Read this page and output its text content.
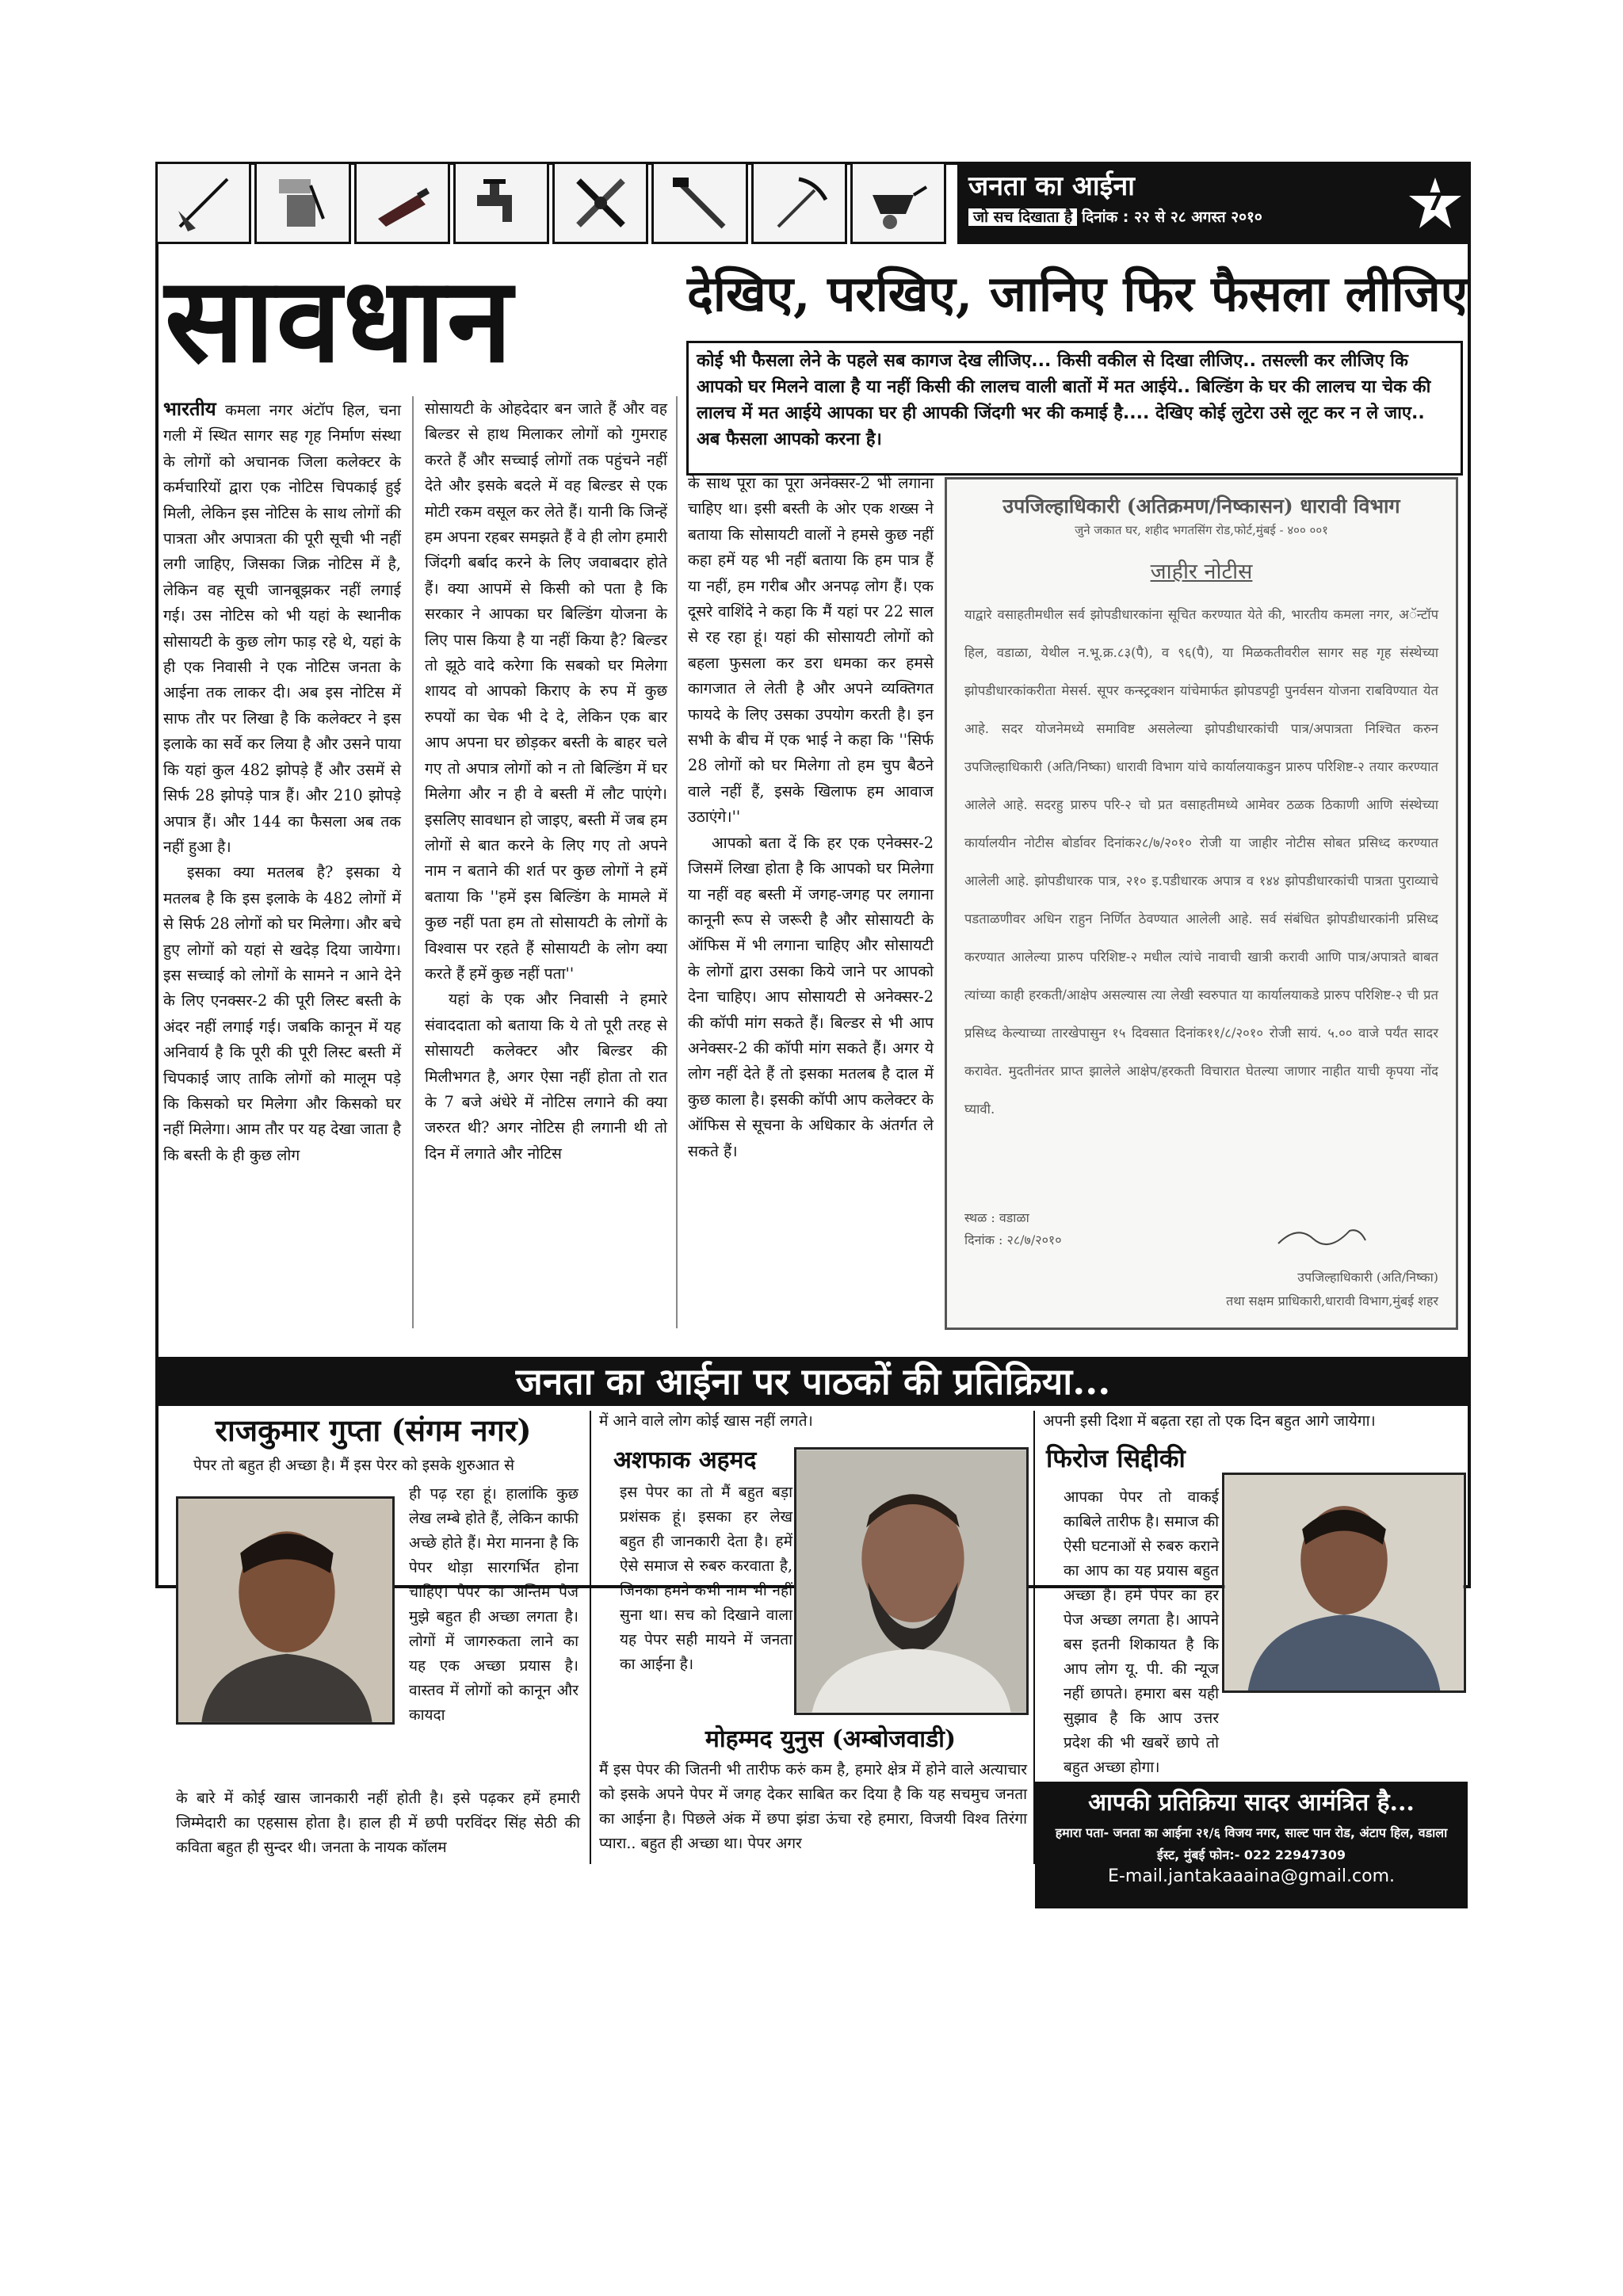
जनता का आईना
जो सच दिखाता है दिनांक : २२ से २८ अगस्त २०१०
7
सावधान	देखिए, परखिए, जानिए फिर फैसला लीजिए
कोई भी फैसला लेने के पहले सब कागज देख लीजिए... किसी वकील से दिखा लीजिए.. तसल्ली कर लीजिए कि आपको घर मिलने वाला है या नहीं किसी की लालच वाली बातों में मत आईये.. बिल्डिंग के घर की लालच या चेक की लालच में मत आईये आपका घर ही आपकी जिंदगी भर की कमाई है.... देखिए कोई लुटेरा उसे लूट कर न ले जाए.. अब फैसला आपको करना है।

भारतीय कमला नगर अंटॉप हिल, चना गली में स्थित सागर सह गृह निर्माण संस्था के लोगों को अचानक जिला कलेक्टर के कर्मचारियों द्वारा एक नोटिस चिपकाई हुई मिली, लेकिन इस नोटिस के साथ लोगों की पात्रता और अपात्रता की पूरी सूची भी नहीं लगी जाहिए, जिसका जिक्र नोटिस में है, लेकिन वह सूची जानबूझकर नहीं लगाई गई। उस नोटिस को भी यहां के स्थानीक सोसायटी के कुछ लोग फाड़ रहे थे, यहां के ही एक निवासी ने एक नोटिस जनता के आईना तक लाकर दी। अब इस नोटिस में साफ तौर पर लिखा है कि कलेक्टर ने इस इलाके का सर्वे कर लिया है और उसने पाया कि यहां कुल 482 झोपड़े हैं और उसमें से सिर्फ 28 झोपड़े पात्र हैं। और 210 झोपड़े अपात्र हैं। और 144 का फैसला अब तक नहीं हुआ है।

इसका क्या मतलब है? इसका ये मतलब है कि इस इलाके के 482 लोगों में से सिर्फ 28 लोगों को घर मिलेगा। और बचे हुए लोगों को यहां से खदेड़ दिया जायेगा। इस सच्चाई को लोगों के सामने न आने देने के लिए एनक्सर-2 की पूरी लिस्ट बस्ती के अंदर नहीं लगाई गई। जबकि कानून में यह अनिवार्य है कि पूरी की पूरी लिस्ट बस्ती में चिपकाई जाए ताकि लोगों को मालूम पड़े कि किसको घर मिलेगा और किसको घर नहीं मिलेगा। आम तौर पर यह देखा जाता है कि बस्ती के ही कुछ लोग

सोसायटी के ओहदेदार बन जाते हैं और वह बिल्डर से हाथ मिलाकर लोगों को गुमराह करते हैं और सच्चाई लोगों तक पहुंचने नहीं देते और इसके बदले में वह बिल्डर से एक मोटी रकम वसूल कर लेते हैं। यानी कि जिन्हें हम अपना रहबर समझते हैं वे ही लोग हमारी जिंदगी बर्बाद करने के लिए जवाबदार होते हैं। क्या आपमें से किसी को पता है कि सरकार ने आपका घर बिल्डिंग योजना के लिए पास किया है या नहीं किया है? बिल्डर तो झूठे वादे करेगा कि सबको घर मिलेगा शायद वो आपको किराए के रुप में कुछ रुपयों का चेक भी दे दे, लेकिन एक बार आप अपना घर छोड़कर बस्ती के बाहर चले गए तो अपात्र लोगों को न तो बिल्डिंग में घर मिलेगा और न ही वे बस्ती में लौट पाएंगे। इसलिए सावधान हो जाइए, बस्ती में जब हम लोगों से बात करने के लिए गए तो अपने नाम न बताने की शर्त पर कुछ लोगों ने हमें बताया कि ''हमें इस बिल्डिंग के मामले में कुछ नहीं पता हम तो सोसायटी के लोगों के विश्वास पर रहते हैं सोसायटी के लोग क्या करते हैं हमें कुछ नहीं पता''

यहां के एक और निवासी ने हमारे संवाददाता को बताया कि ये तो पूरी तरह से सोसायटी कलेक्टर और बिल्डर की मिलीभगत है, अगर ऐसा नहीं होता तो रात के 7 बजे अंधेरे में नोटिस लगाने की क्या जरुरत थी? अगर नोटिस ही लगानी थी तो दिन में लगाते और नोटिस

के साथ पूरा का पूरा अनेक्सर-2 भी लगाना चाहिए था। इसी बस्ती के ओर एक शख्स ने बताया कि सोसायटी वालों ने हमसे कुछ नहीं कहा हमें यह भी नहीं बताया कि हम पात्र हैं या नहीं, हम गरीब और अनपढ़ लोग हैं। एक दूसरे वाशिंदे ने कहा कि मैं यहां पर 22 साल से रह रहा हूं। यहां की सोसायटी लोगों को बहला फुसला कर डरा धमका कर हमसे कागजात ले लेती है और अपने व्यक्तिगत फायदे के लिए उसका उपयोग करती है। इन सभी के बीच में एक भाई ने कहा कि ''सिर्फ 28 लोगों को घर मिलेगा तो हम चुप बैठने वाले नहीं हैं, इसके खिलाफ हम आवाज उठाएंगे।''

आपको बता दें कि हर एक एनेक्सर-2 जिसमें लिखा होता है कि आपको घर मिलेगा या नहीं वह बस्ती में जगह-जगह पर लगाना कानूनी रूप से जरूरी है और सोसायटी के ऑफिस में भी लगाना चाहिए और सोसायटी के लोगों द्वारा उसका किये जाने पर आपको देना चाहिए। आप सोसायटी से अनेक्सर-2 की कॉपी मांग सकते हैं। बिल्डर से भी आप अनेक्सर-2 की कॉपी मांग सकते हैं। अगर ये लोग नहीं देते हैं तो इसका मतलब है दाल में कुछ काला है। इसकी कॉपी आप कलेक्टर के ऑफिस से सूचना के अधिकार के अंतर्गत ले सकते हैं।

उपजिल्हाधिकारी (अतिक्रमण/निष्कासन) धारावी विभाग
जुने जकात घर, शहीद भगतसिंग रोड,फोर्ट,मुंबई - ४०० ००१
जाहीर नोटीस
याद्वारे वसाहतीमधील सर्व झोपडीधारकांना सूचित करण्यात येते की, भारतीय कमला नगर, अॅन्टॉप हिल, वडाळा, येथील न.भू.क्र.८३(पै), व ९६(पै), या मिळकतीवरील सागर सह गृह संस्थेच्या झोपडीधारकांकरीता मेसर्स. सूपर कन्स्ट्रक्शन यांचेमार्फत झोपडपट्टी पुनर्वसन योजना राबविण्यात येत आहे. सदर योजनेमध्ये समाविष्ट असलेल्या झोपडीधारकांची पात्र/अपात्रता निश्चित करुन उपजिल्हाधिकारी (अति/निष्का) धारावी विभाग यांचे कार्यालयाकडुन प्रारुप परिशिष्ट-२ तयार करण्यात आलेले आहे. सदरहु प्रारुप परि-२ चो प्रत वसाहतीमध्ये आमेवर ठळक ठिकाणी आणि संस्थेच्या कार्यालयीन नोटीस बोर्डावर दिनांक२८/७/२०१० रोजी या जाहीर नोटीस सोबत प्रसिध्द करण्यात आलेली आहे. झोपडीधारक पात्र, २१० इ.पडीधारक अपात्र व १४४ झोपडीधारकांची पात्रता पुराव्याचे पडताळणीवर अधिन राहुन निर्णित ठेवण्यात आलेली आहे. सर्व संबंधित झोपडीधारकांनी प्रसिध्द करण्यात आलेल्या प्रारुप परिशिष्ट-२ मधील त्यांचे नावाची खात्री करावी आणि पात्र/अपात्रते बाबत त्यांच्या काही हरकती/आक्षेप असल्यास त्या लेखी स्वरुपात या कार्यालयाकडे प्रारुप परिशिष्ट-२ ची प्रत प्रसिध्द केल्याच्या तारखेपासुन १५ दिवसात दिनांक११/८/२०१० रोजी सायं. ५.०० वाजे पर्यंत सादर करावेत. मुदतीनंतर प्राप्त झालेले आक्षेप/हरकती विचारात घेतल्या जाणार नाहीत याची कृपया नोंद घ्यावी.
स्थळ : वडाळा
दिनांक : २८/७/२०१०
उपजिल्हाधिकारी (अति/निष्का)
तथा सक्षम प्राधिकारी,धारावी विभाग,मुंबई शहर
जनता का आईना पर पाठकों की प्रतिक्रिया...
राजकुमार गुप्ता (संगम नगर)
पेपर तो बहुत ही अच्छा है। मैं इस पेरर को इसके शुरुआत से
ही पढ़ रहा हूं। हालांकि कुछ लेख लम्बे होते हैं, लेकिन काफी अच्छे होते हैं। मेरा मानना है कि पेपर थोड़ा सारगर्भित होना चाहिए। पेपर का अन्तिम पेज मुझे बहुत ही अच्छा लगता है। लोगों में जागरुकता लाने का यह एक अच्छा प्रयास है। वास्तव में लोगों को कानून और कायदा
के बारे में कोई खास जानकारी नहीं होती है। इसे पढ़कर हमें हमारी जिम्मेदारी का एहसास होता है। हाल ही में छपी परविंदर सिंह सेठी की कविता बहुत ही सुन्दर थी। जनता के नायक कॉलम
में आने वाले लोग कोई खास नहीं लगते।
अशफाक अहमद
इस पेपर का तो मैं बहुत बड़ा प्रशंसक हूं। इसका हर लेख बहुत ही जानकारी देता है। हमें ऐसे समाज से रुबरु करवाता है, जिनका हमने कभी नाम भी नहीं सुना था। सच को दिखाने वाला यह पेपर सही मायने में जनता का आईना है।
मोहम्मद युनुस (अम्बोजवाडी)
मैं इस पेपर की जितनी भी तारीफ करुं कम है, हमारे क्षेत्र में होने वाले अत्याचार को इसके अपने पेपर में जगह देकर साबित कर दिया है कि यह सचमुच जनता का आईना है। पिछले अंक में छपा झंडा ऊंचा रहे हमारा, विजयी विश्व तिरंगा प्यारा.. बहुत ही अच्छा था। पेपर अगर
अपनी इसी दिशा में बढ़ता रहा तो एक दिन बहुत आगे जायेगा।
फिरोज सिद्दीकी
आपका पेपर तो वाकई काबिले तारीफ है। समाज की ऐसी घटनाओं से रुबरु कराने का आप का यह प्रयास बहुत अच्छा है। हमें पेपर का हर पेज अच्छा लगता है। आपने बस इतनी शिकायत है कि आप लोग यू. पी. की न्यूज नहीं छापते। हमारा बस यही सुझाव है कि आप उत्तर प्रदेश की भी खबरें छापे तो बहुत अच्छा होगा।
आपकी प्रतिक्रिया सादर आमंत्रित है...
हमारा पता- जनता का आईना २१/६ विजय नगर, साल्ट पान रोड, अंटाप हिल, वडाला ईस्ट, मुंबई फोन:- 022 22947309
E-mail.jantakaaaina@gmail.com.
